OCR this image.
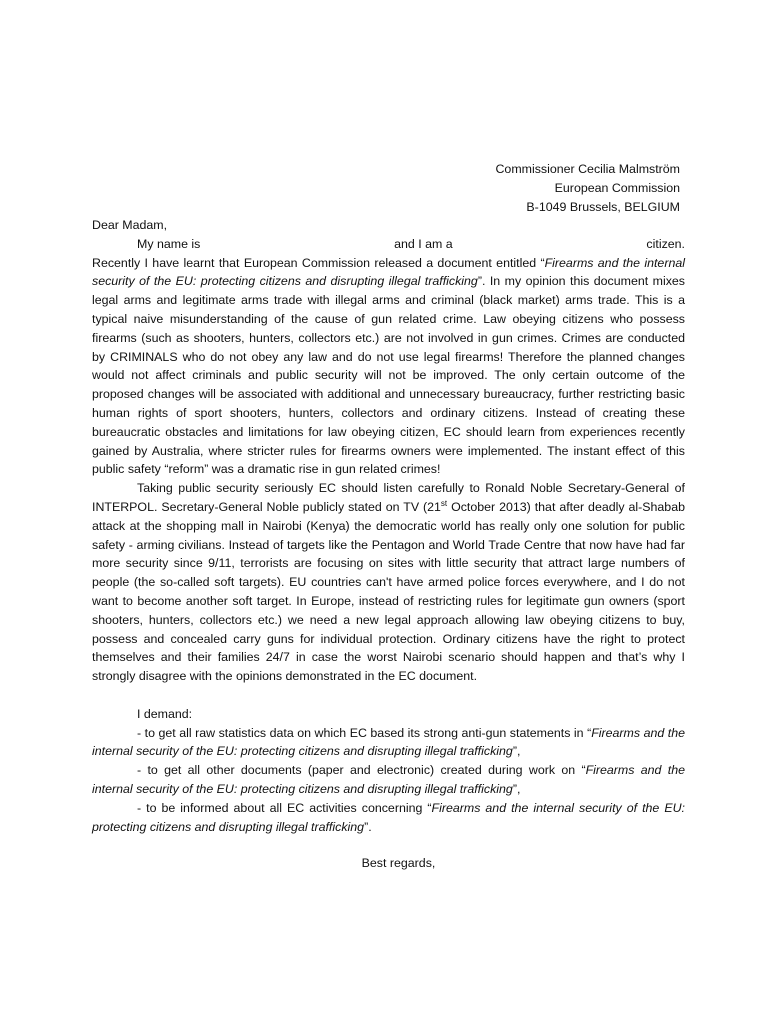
Commissioner Cecilia Malmström
European Commission
B-1049 Brussels, BELGIUM
Dear Madam,
My name is	and I am a	citizen.

Recently I have learnt that European Commission released a document entitled “Firearms and the internal security of the EU: protecting citizens and disrupting illegal trafficking”. In my opinion this document mixes legal arms and legitimate arms trade with illegal arms and criminal (black market) arms trade. This is a typical naive misunderstanding of the cause of gun related crime. Law obeying citizens who possess firearms (such as shooters, hunters, collectors etc.) are not involved in gun crimes. Crimes are conducted by CRIMINALS who do not obey any law and do not use legal firearms! Therefore the planned changes would not affect criminals and public security will not be improved. The only certain outcome of the proposed changes will be associated with additional and unnecessary bureaucracy, further restricting basic human rights of sport shooters, hunters, collectors and ordinary citizens. Instead of creating these bureaucratic obstacles and limitations for law obeying citizen, EC should learn from experiences recently gained by Australia, where stricter rules for firearms owners were implemented. The instant effect of this public safety “reform” was a dramatic rise in gun related crimes!

Taking public security seriously EC should listen carefully to Ronald Noble Secretary-General of INTERPOL. Secretary-General Noble publicly stated on TV (21st October 2013) that after deadly al-Shabab attack at the shopping mall in Nairobi (Kenya) the democratic world has really only one solution for public safety - arming civilians. Instead of targets like the Pentagon and World Trade Centre that now have had far more security since 9/11, terrorists are focusing on sites with little security that attract large numbers of people (the so-called soft targets). EU countries can't have armed police forces everywhere, and I do not want to become another soft target. In Europe, instead of restricting rules for legitimate gun owners (sport shooters, hunters, collectors etc.) we need a new legal approach allowing law obeying citizens to buy, possess and concealed carry guns for individual protection. Ordinary citizens have the right to protect themselves and their families 24/7 in case the worst Nairobi scenario should happen and that’s why I strongly disagree with the opinions demonstrated in the EC document.

I demand:

- to get all raw statistics data on which EC based its strong anti-gun statements in “Firearms and the internal security of the EU: protecting citizens and disrupting illegal trafficking”,

- to get all other documents (paper and electronic) created during work on “Firearms and the internal security of the EU: protecting citizens and disrupting illegal trafficking”,

- to be informed about all EC activities concerning “Firearms and the internal security of the EU: protecting citizens and disrupting illegal trafficking”.

Best regards,
